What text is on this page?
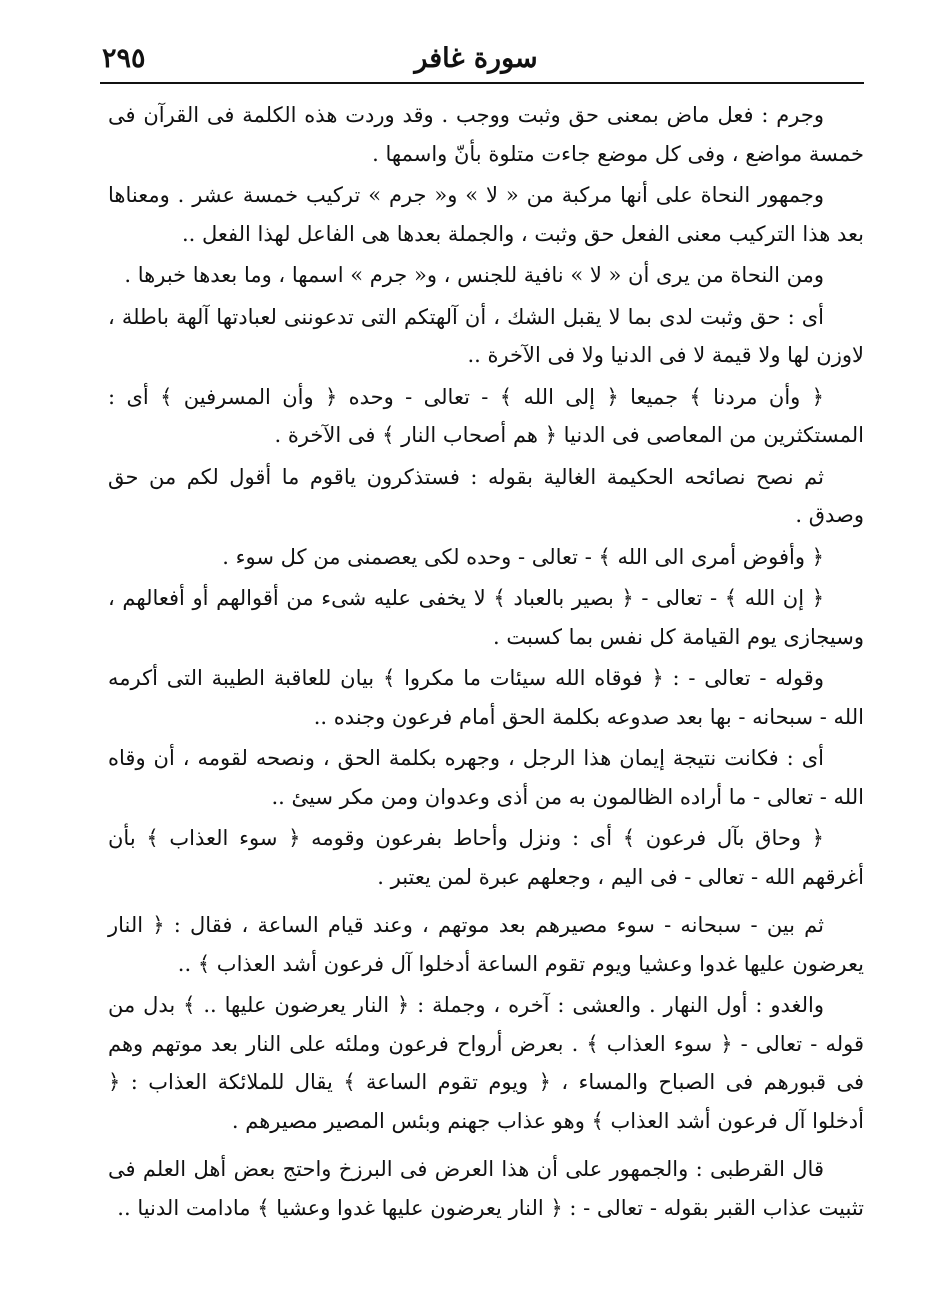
سورة غافر
٢٩٥

وجرم : فعل ماض بمعنى حق وثبت ووجب . وقد وردت هذه الكلمة فى القرآن فى خمسة مواضع ، وفى كل موضع جاءت متلوة بأنّ واسمها .

وجمهور النحاة على أنها مركبة من « لا » و« جرم » تركيب خمسة عشر . ومعناها بعد هذا التركيب معنى الفعل حق وثبت ، والجملة بعدها هى الفاعل لهذا الفعل ..

ومن النحاة من يرى أن « لا » نافية للجنس ، و« جرم » اسمها ، وما بعدها خبرها .

أى : حق وثبت لدى بما لا يقبل الشك ، أن آلهتكم التى تدعوننى لعبادتها آلهة باطلة ، لاوزن لها ولا قيمة لا فى الدنيا ولا فى الآخرة ..

﴿ وأن مردنا ﴾ جميعا ﴿ إلى الله ﴾ - تعالى - وحده ﴿ وأن المسرفين ﴾ أى : المستكثرين من المعاصى فى الدنيا ﴿ هم أصحاب النار ﴾ فى الآخرة .

ثم نصح نصائحه الحكيمة الغالية بقوله : فستذكرون ياقوم ما أقول لكم من حق وصدق .

﴿ وأفوض أمرى الى الله ﴾ - تعالى - وحده لكى يعصمنى من كل سوء .

﴿ إن الله ﴾ - تعالى - ﴿ بصير بالعباد ﴾ لا يخفى عليه شىء من أقوالهم أو أفعالهم ، وسيجازى يوم القيامة كل نفس بما كسبت .

وقوله - تعالى - : ﴿ فوقاه الله سيئات ما مكروا ﴾ بيان للعاقبة الطيبة التى أكرمه الله - سبحانه - بها بعد صدوعه بكلمة الحق أمام فرعون وجنده ..

أى : فكانت نتيجة إيمان هذا الرجل ، وجهره بكلمة الحق ، ونصحه لقومه ، أن وقاه الله - تعالى - ما أراده الظالمون به من أذى وعدوان ومن مكر سيئ ..

﴿ وحاق بآل فرعون ﴾ أى : ونزل وأحاط بفرعون وقومه ﴿ سوء العذاب ﴾ بأن أغرقهم الله - تعالى - فى اليم ، وجعلهم عبرة لمن يعتبر .

ثم بين - سبحانه - سوء مصيرهم بعد موتهم ، وعند قيام الساعة ، فقال : ﴿ النار يعرضون عليها غدوا وعشيا ويوم تقوم الساعة أدخلوا آل فرعون أشد العذاب ﴾ ..

والغدو : أول النهار . والعشى : آخره ، وجملة : ﴿ النار يعرضون عليها .. ﴾ بدل من قوله - تعالى - ﴿ سوء العذاب ﴾ . بعرض أرواح فرعون وملئه على النار بعد موتهم وهم فى قبورهم فى الصباح والمساء ، ﴿ ويوم تقوم الساعة ﴾ يقال للملائكة العذاب : ﴿ أدخلوا آل فرعون أشد العذاب ﴾ وهو عذاب جهنم وبئس المصير مصيرهم .

قال القرطبى : والجمهور على أن هذا العرض فى البرزخ واحتج بعض أهل العلم فى تثبيت عذاب القبر بقوله - تعالى - : ﴿ النار يعرضون عليها غدوا وعشيا ﴾ مادامت الدنيا ..
